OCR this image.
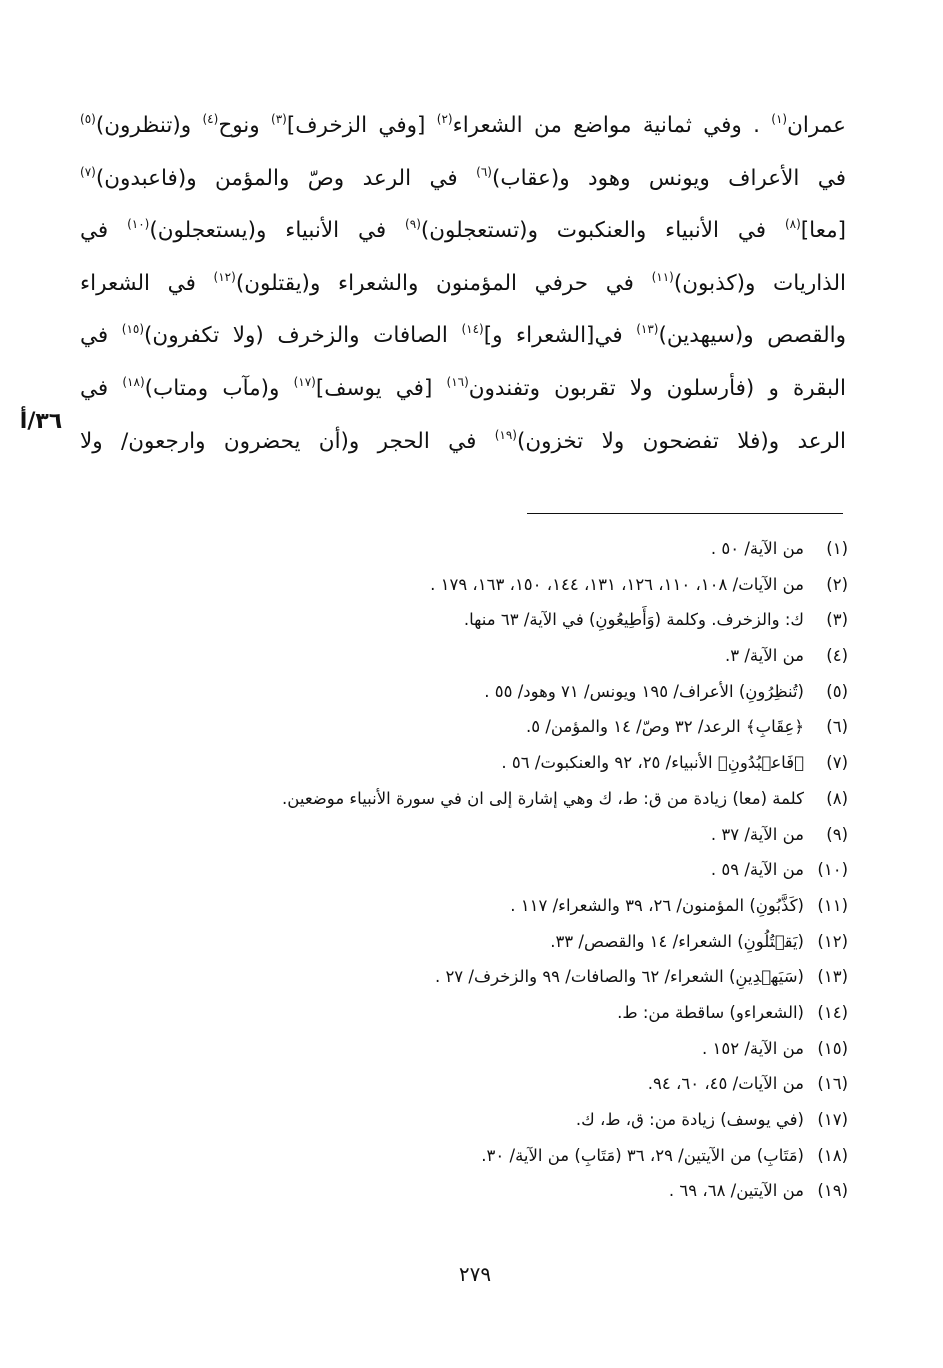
عمران$^{(١)}$ . وفي ثمانية مواضع من الشعراء$^{(٢)}$ [وفي الزخرف]$^{(٣)}$ ونوح$^{(٤)}$ و(تنظرون)$^{(٥)}$
في الأعراف ويونس وهود و(عقاب)$^{(٦)}$ في الرعد وصّ والمؤمن و(فاعبدون)$^{(٧)}$
[معا]$^{(٨)}$ في الأنبياء والعنكبوت و(تستعجلون)$^{(٩)}$ في الأنبياء و(يستعجلون)$^{(١٠)}$ في
الذاريات و(كذبون)$^{(١١)}$ في حرفي المؤمنون والشعراء و(يقتلون)$^{(١٢)}$ في الشعراء
والقصص و(سيهدين)$^{(١٣)}$ في[الشعراء و]$^{(١٤)}$ الصافات والزخرف (ولا تكفرون)$^{(١٥)}$ في
البقرة و (فأرسلون ولا تقربون وتفندون$^{(١٦)}$ [في يوسف]$^{(١٧)}$ و(مآب ومتاب)$^{(١٨)}$ في
الرعد و(فلا تفضحون ولا تخزون)$^{(١٩)}$ في الحجر و(أن يحضرون وارجعون/ ولا
٣٦/أ
(١)من الآية/ ٥٠ .
(٢)من الآيات/ ١٠٨، ١١٠، ١٢٦، ١٣١، ١٤٤، ١٥٠، ١٦٣، ١٧٩ .
(٣)ك: والزخرف. وكلمة (وَأَطِيعُونِ) في الآية/ ٦٣ منها.
(٤)من الآية/ ٣.
(٥)(تُنظِرُونِ) الأعراف/ ١٩٥ ويونس/ ٧١ وهود/ ٥٥ .
(٦)﴿عِقَابِ﴾ الرعد/ ٣٢ وصّ/ ١٤ والمؤمن/ ٥.
(٧)﴿فَاعۡبُدُونِ﴾ الأنبياء/ ٢٥، ٩٢ والعنكبوت/ ٥٦ .
(٨)كلمة (معا) زيادة من ق: ط، ك وهي إشارة إلى ان في سورة الأنبياء موضعين.
(٩)من الآية/ ٣٧ .
(١٠)من الآية/ ٥٩ .
(١١)(كَذَّبُونِ) المؤمنون/ ٢٦، ٣٩ والشعراء/ ١١٧ .
(١٢)(يَقۡتُلُونِ) الشعراء/ ١٤ والقصص/ ٣٣.
(١٣)(سَيَهۡدِينِ) الشعراء/ ٦٢ والصافات/ ٩٩ والزخرف/ ٢٧ .
(١٤)(الشعراءو) ساقطة من: ط.
(١٥)من الآية/ ١٥٢ .
(١٦)من الآيات/ ٤٥، ٦٠، ٩٤.
(١٧)(في يوسف) زيادة من: ق، ط، ك.
(١٨)(مَتَابِ) من الآيتين/ ٢٩، ٣٦ (مَتَابِ) من الآية/ ٣٠.
(١٩)من الآيتين/ ٦٨، ٦٩ .
٢٧٩
